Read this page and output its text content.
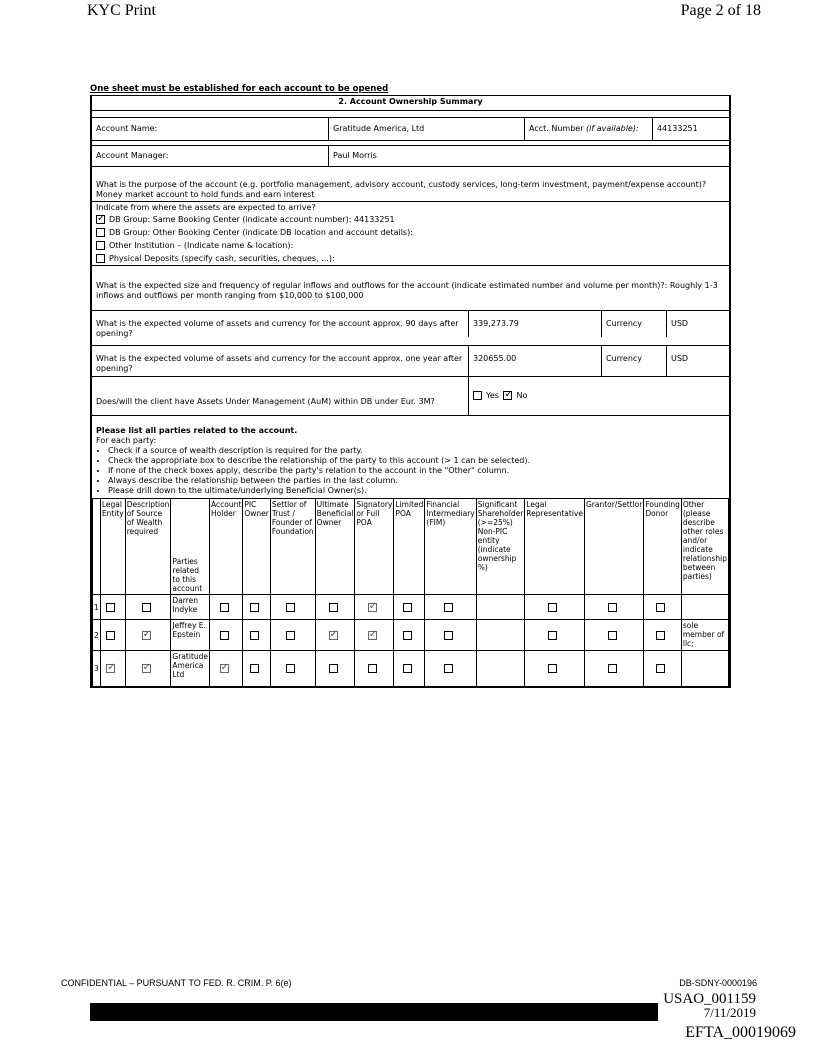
KYC Print	Page 2 of 18
One sheet must be established for each account to be opened
2. Account Ownership Summary
Account Name:	Gratitude America, Ltd	Acct. Number (if available):	44133251
Account Manager:	Paul Morris
What is the purpose of the account (e.g. portfolio management, advisory account, custody services, long-term investment, payment/expense account)? Money market account to hold funds and earn interest
Indicate from where the assets are expected to arrive?
✓DB Group: Same Booking Center (indicate account number): 44133251
DB Group: Other Booking Center (indicate DB location and account details):
Other Institution – (Indicate name & location):
Physical Deposits (specify cash, securities, cheques, ...):
What is the expected size and frequency of regular inflows and outflows for the account (indicate estimated number and volume per month)?: Roughly 1-3 inflows and outflows per month ranging from $10,000 to $100,000
What is the expected volume of assets and currency for the account approx. 90 days after opening?
339,273.79	Currency	USD
What is the expected volume of assets and currency for the account approx. one year after opening?
320655.00	Currency	USD
Does/will the client have Assets Under Management (AuM) within DB under Eur. 3M?
Yes ✓ No
Please list all parties related to the account.
For each party:
• Check if a source of wealth description is required for the party.
• Check the appropriate box to describe the relationship of the party to this account (> 1 can be selected).
• If none of the check boxes apply, describe the party's relation to the account in the "Other" column.
• Always describe the relationship between the parties in the last column.
• Please drill down to the ultimate/underlying Beneficial Owner(s).
	Legal Entity	Description of Source of Wealth required	Parties related to this account	Account Holder	PIC Owner	Settlor of Trust / Founder of Foundation	Ultimate Beneficial Owner	Signatory or Full POA	Limited POA	Financial Intermediary (FIM)	Significant Shareholder (>=25%) Non-PIC entity (indicate ownership %)	Legal Representative	Grantor/Settlor	Founding Donor	Other (please describe other roles and/or indicate relationship between parties)
1			Darren Indyke					✓							
2		✓	Jeffrey E. Epstein				✓	✓							sole member of llc;
3	✓	✓	Gratitude America Ltd	✓											
CONFIDENTIAL – PURSUANT TO FED. R. CRIM. P. 6(e)	DB-SDNY-0000196
USAO_001159
7/11/2019
EFTA_00019069
